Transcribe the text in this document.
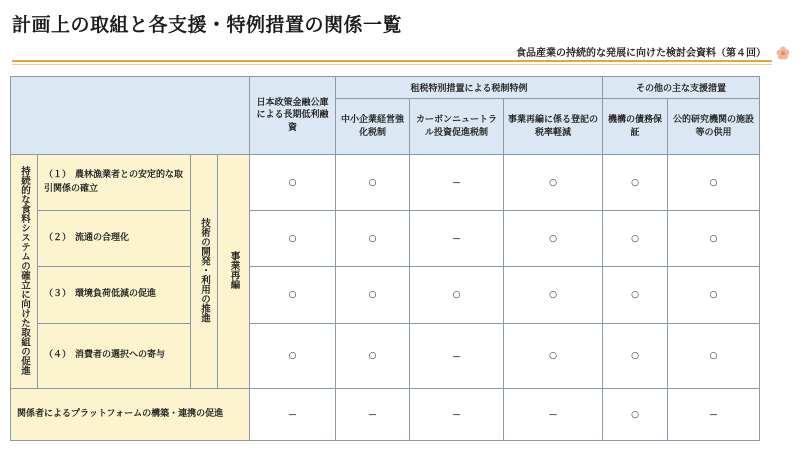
計画上の取組と各支援・特例措置の関係一覧
食品産業の持続的な発展に向けた検討会資料（第４回）

				日本政策金融公庫による長期低利融資	租税特別措置による税制特例			その他の主な支援措置	

					中小企業経営強化税制	カーボンニュートラル投資促進税制	事業再編に係る登記の税率軽減	機構の債務保証	公的研究機関の施設等の供用

持続的な食料システムの確立に向けた取組の促進	（１） 農林漁業者との安定的な取引関係の確立	技術の開発・利用の推進	事業再編	○	○	－	○	○	○
	（２） 流通の合理化			○	○	－	○	○	○
	（３） 環境負荷低減の促進			○	○	○	○	○	○
	（４） 消費者の選択への寄与			○	○	－	○	○	○
関係者によるプラットフォームの構築・連携の促進				－	－	－	－	○	－
